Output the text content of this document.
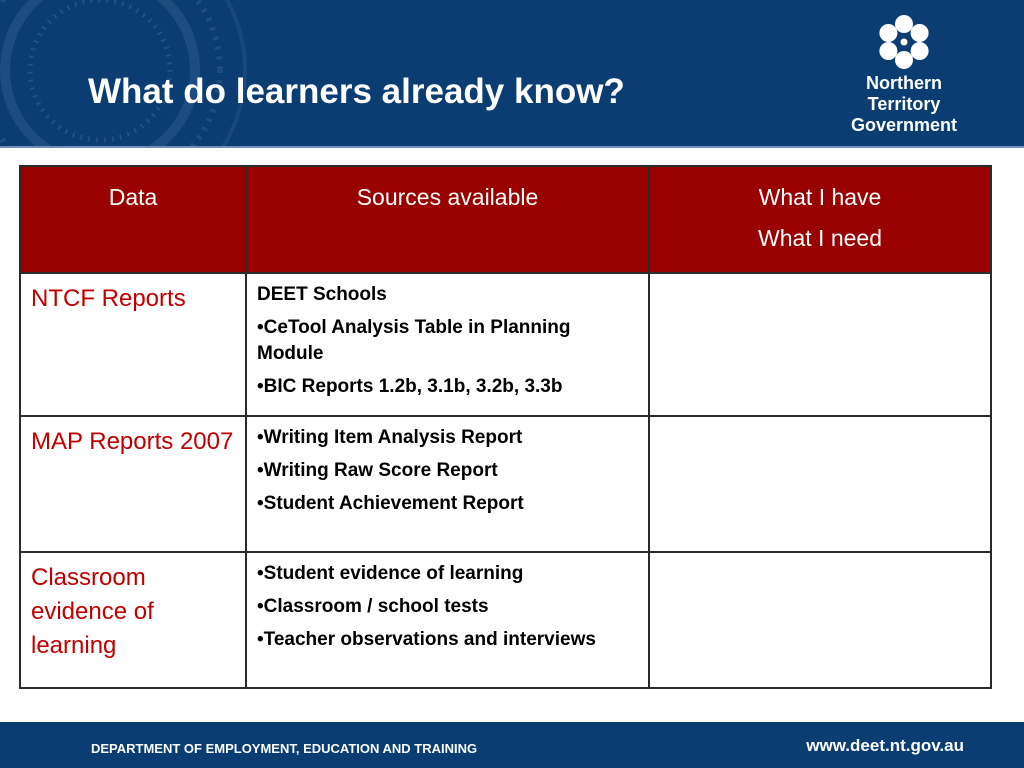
What do learners already know?	Northern
Territory
Government
Data	Sources available	What I have
What I need

NTCF Reports	DEET Schools
•CeTool Analysis Table in Planning Module
•BIC Reports 1.2b, 3.1b, 3.2b, 3.3b	

MAP Reports 2007	•Writing Item Analysis Report
•Writing Raw Score Report
•Student Achievement Report	

Classroom evidence of learning	•Student evidence of learning
•Classroom / school tests
•Teacher observations and interviews	

DEPARTMENT OF EMPLOYMENT, EDUCATION AND TRAINING	www.deet.nt.gov.au
